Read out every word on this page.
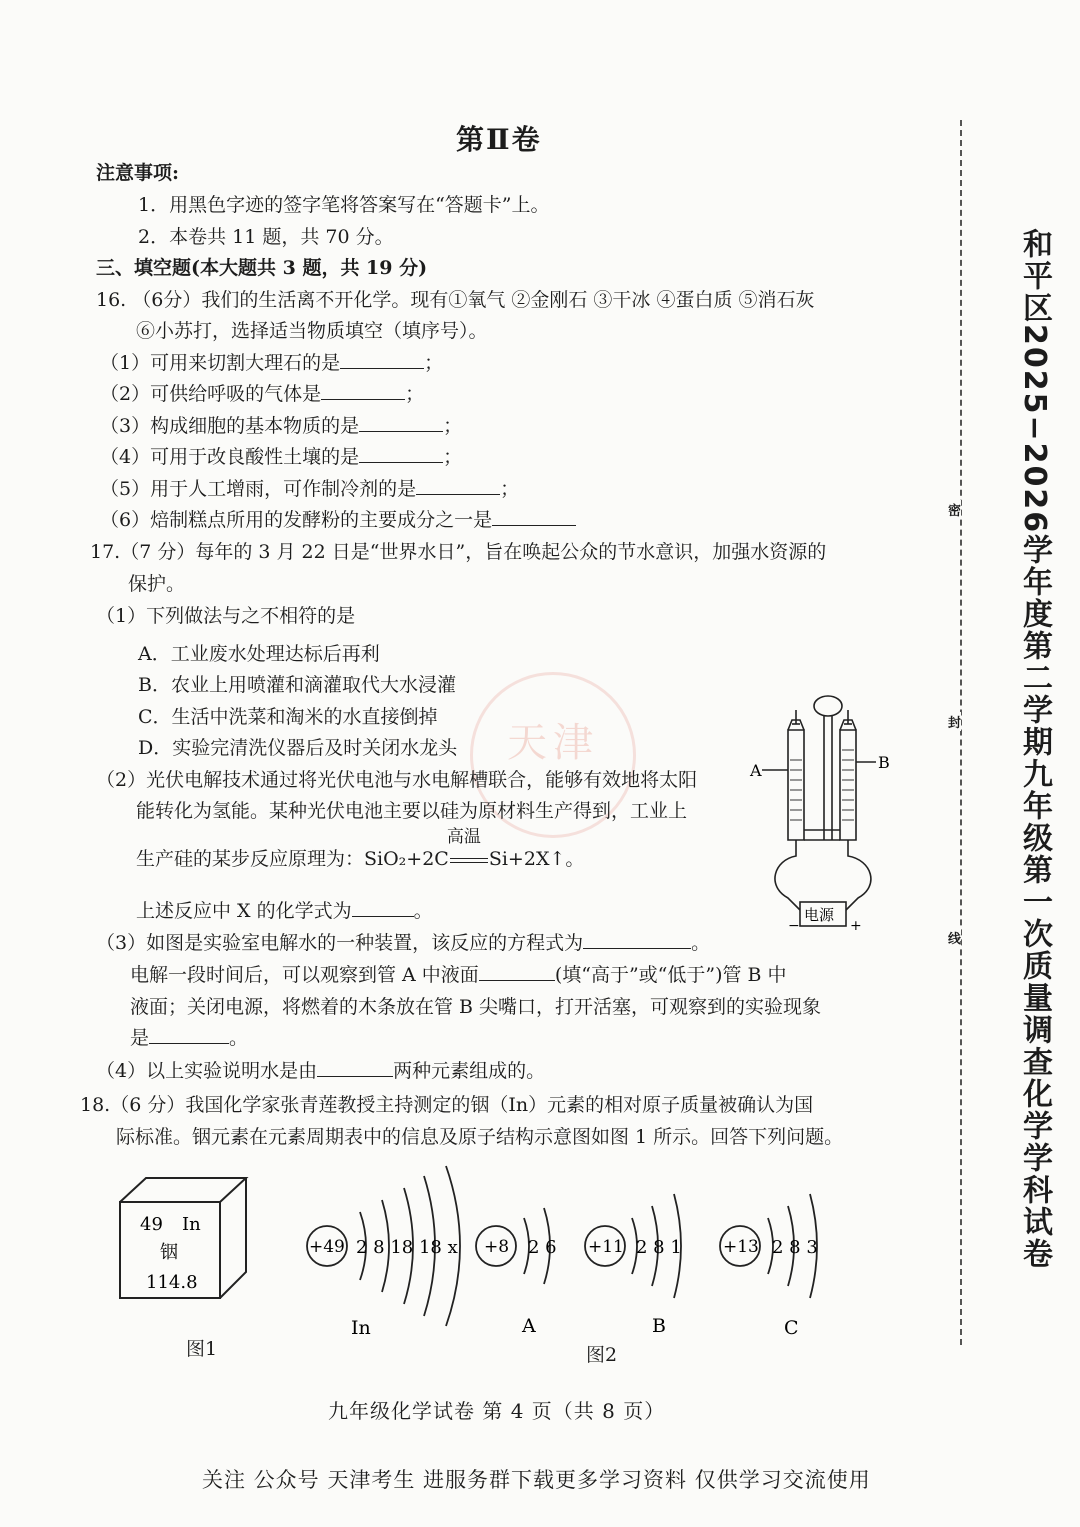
第Ⅱ卷
注意事项:
1．用黑色字迹的签字笔将答案写在“答题卡”上。
2．本卷共 11 题，共 70 分。
三、填空题(本大题共 3 题，共 19 分)
16. （6分）我们的生活离不开化学。现有①氧气 ②金刚石 ③干冰 ④蛋白质 ⑤消石灰
⑥小苏打，选择适当物质填空（填序号）。
（1）可用来切割大理石的是	；
（2）可供给呼吸的气体是	；
（3）构成细胞的基本物质的是	；
（4）可用于改良酸性土壤的是	；
（5）用于人工增雨，可作制冷剂的是	；
（6）焙制糕点所用的发酵粉的主要成分之一是
17.（7 分）每年的 3 月 22 日是“世界水日”，旨在唤起公众的节水意识，加强水资源的
保护。
（1）下列做法与之不相符的是
A．工业废水处理达标后再利
B．农业上用喷灌和滴灌取代大水浸灌
C．生活中洗菜和淘米的水直接倒掉
D．实验完清洗仪器后及时关闭水龙头 天津
（2）光伏电解技术通过将光伏电池与水电解槽联合，能够有效地将太阳
能转化为氢能。某种光伏电池主要以硅为原材料生产得到，工业上
生产硅的某步反应原理为：SiO₂+2C
高温
Si+2X↑。
上述反应中 X 的化学式为	。
（3）如图是实验室电解水的一种装置，该反应的方程式为	。
电解一段时间后，可以观察到管 A 中液面	(填“高于”或“低于”)管 B 中
液面；关闭电源，将燃着的木条放在管 B 尖嘴口，打开活塞，可观察到的实验现象
是	。
（4）以上实验说明水是由	两种元素组成的。
A	B
电源
−	+
18.（6 分）我国化学家张青莲教授主持测定的铟（In）元素的相对原子质量被确认为国
际标准。铟元素在元素周期表中的信息及原子结构示意图如图 1 所示。回答下列问题。
49 In
铟
114.8
图1
+49 2 8 18 18 x +8 2 6 +11 2 8 1 +13 2 8 3
In	A	B	C
图2
九年级化学试卷 第 4 页（共 8 页）
密
封
线	和平区2025−2026学年度第二学期九年级第一次质量调查化学学科试卷
关注 公众号 天津考生 进服务群下载更多学习资料 仅供学习交流使用
